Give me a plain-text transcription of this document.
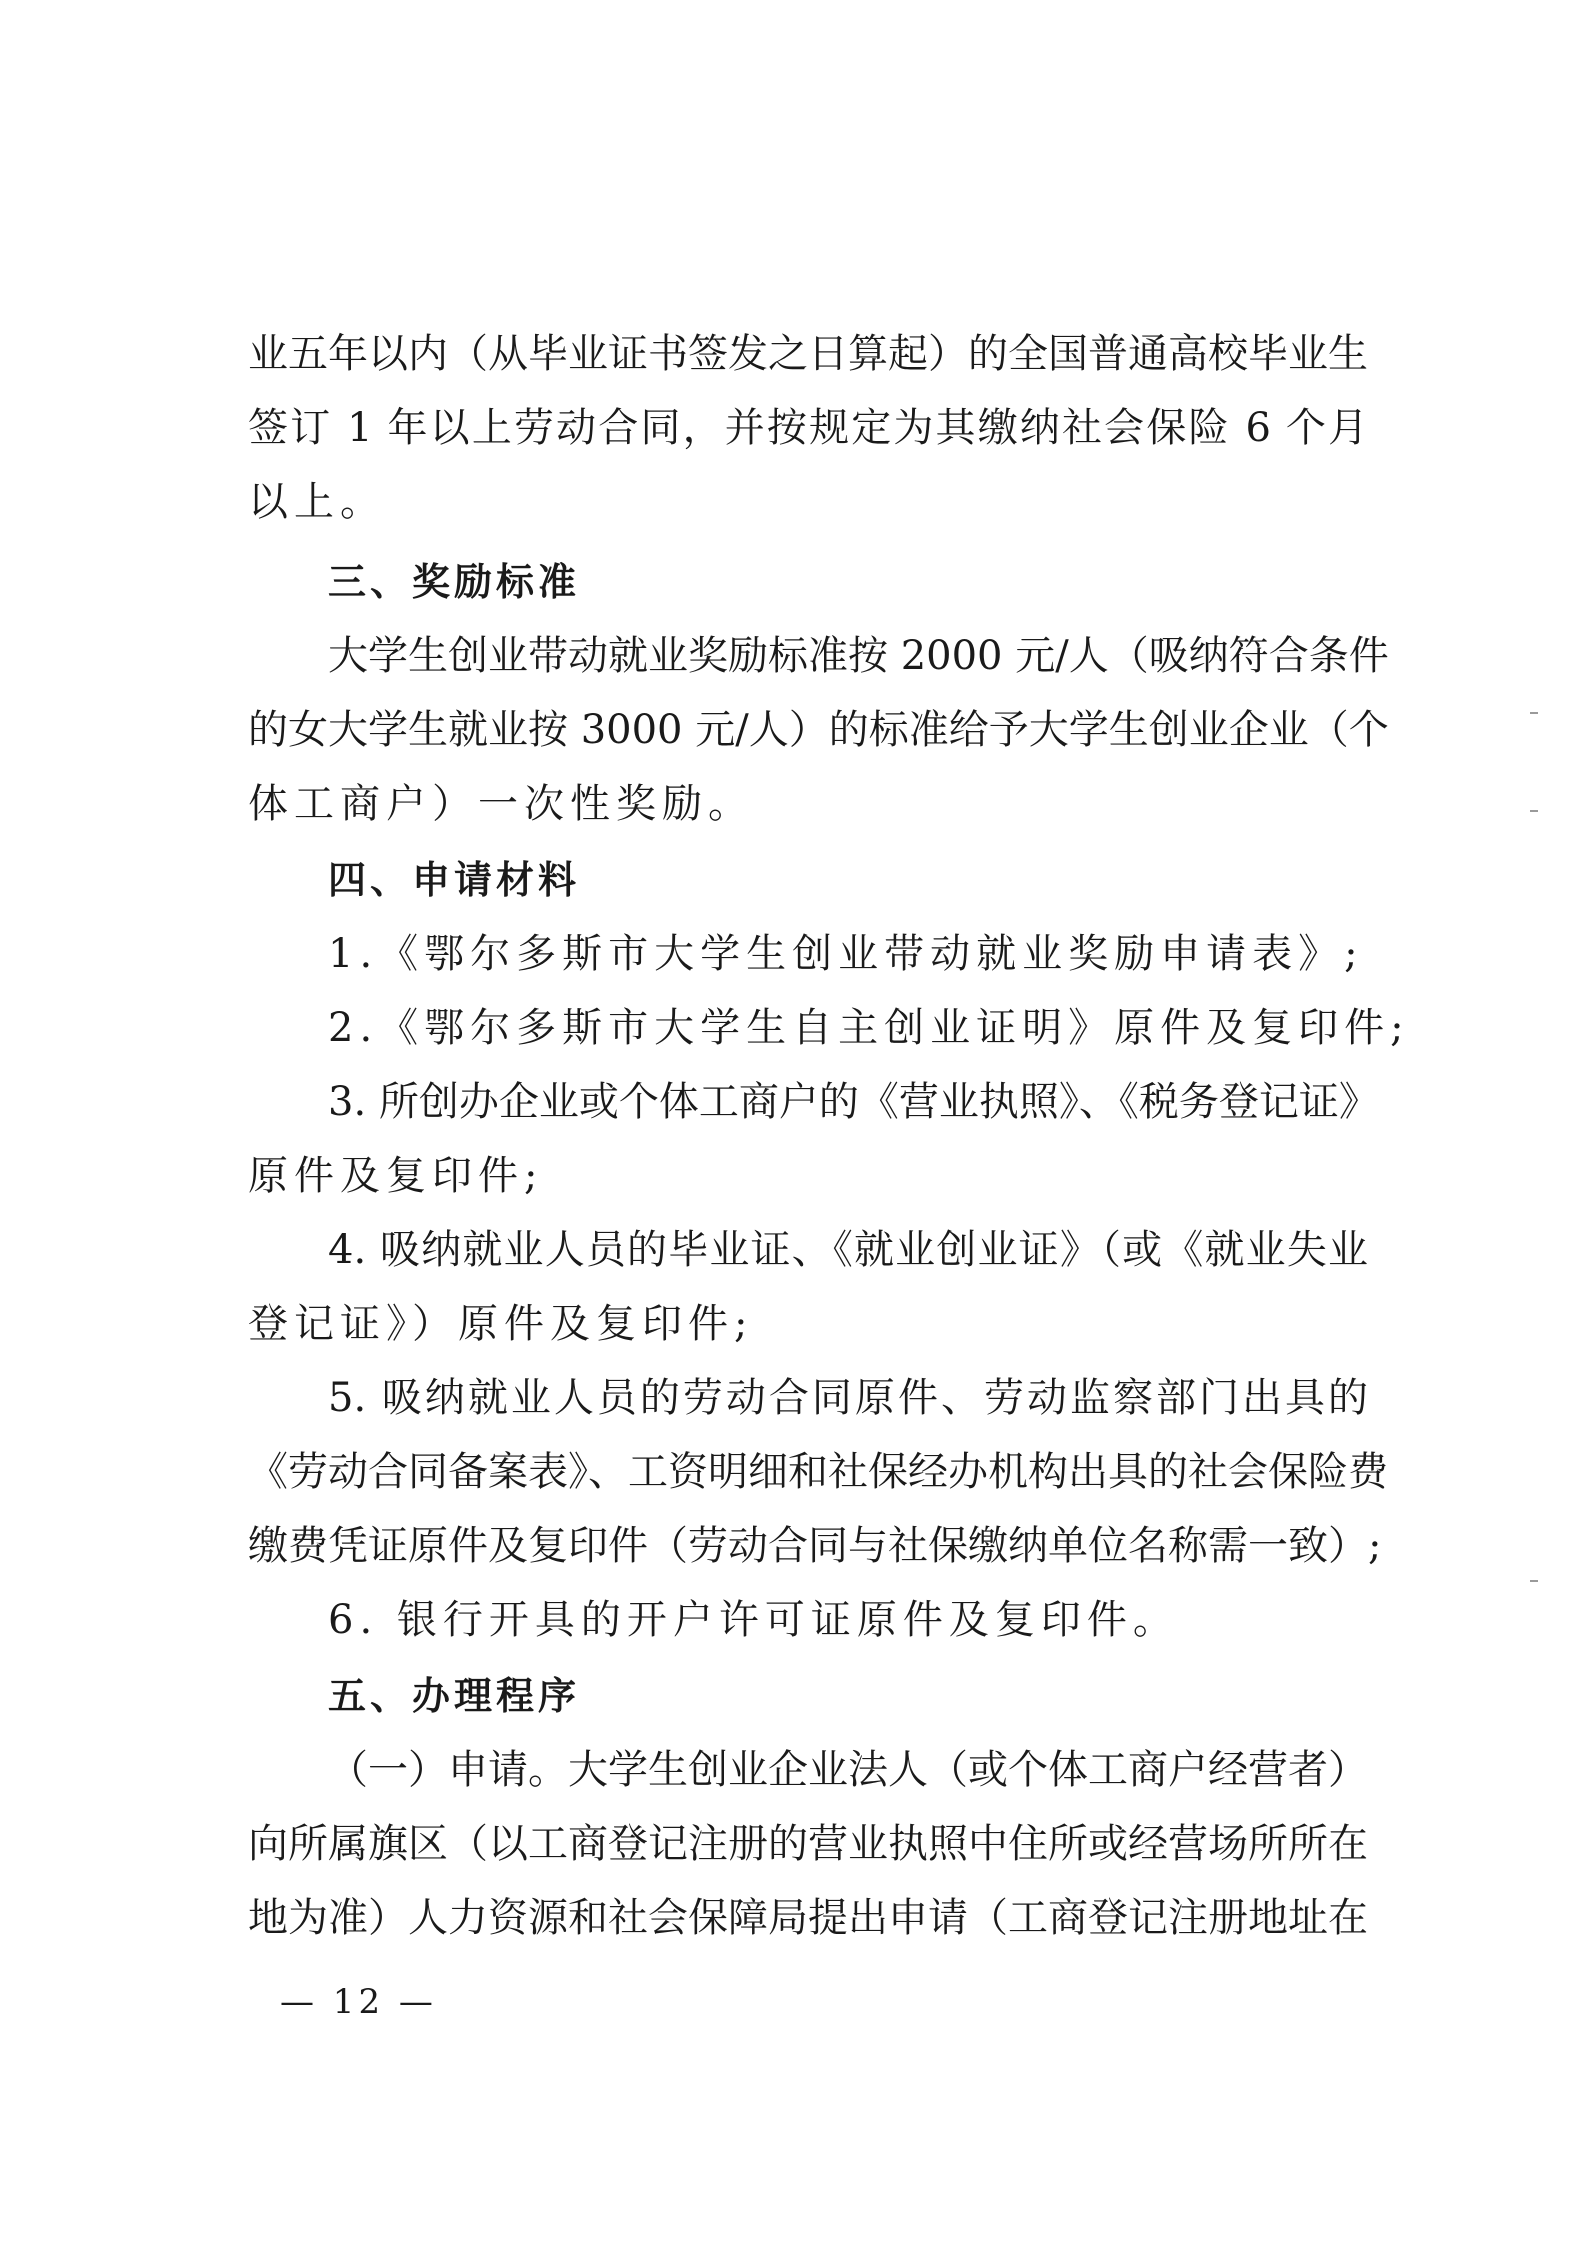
业五年以内（从毕业证书签发之日算起）的全国普通高校毕业生
签订 1 年以上劳动合同，并按规定为其缴纳社会保险 6 个月
以上。
三、奖励标准
大学生创业带动就业奖励标准按 2000 元/人（吸纳符合条件
的女大学生就业按 3000 元/人）的标准给予大学生创业企业（个
体工商户）一次性奖励。
四、申请材料
1.《鄂尔多斯市大学生创业带动就业奖励申请表》;
2.《鄂尔多斯市大学生自主创业证明》原件及复印件;
3. 所创办企业或个体工商户的《营业执照》、《税务登记证》
原件及复印件;
4. 吸纳就业人员的毕业证、《就业创业证》（或《就业失业
登记证》）原件及复印件;
5. 吸纳就业人员的劳动合同原件、劳动监察部门出具的
《劳动合同备案表》、工资明细和社保经办机构出具的社会保险费
缴费凭证原件及复印件（劳动合同与社保缴纳单位名称需一致）;
6. 银行开具的开户许可证原件及复印件。
五、办理程序
（一）申请。大学生创业企业法人（或个体工商户经营者）
向所属旗区（以工商登记注册的营业执照中住所或经营场所所在
地为准）人力资源和社会保障局提出申请（工商登记注册地址在
— 12 —
